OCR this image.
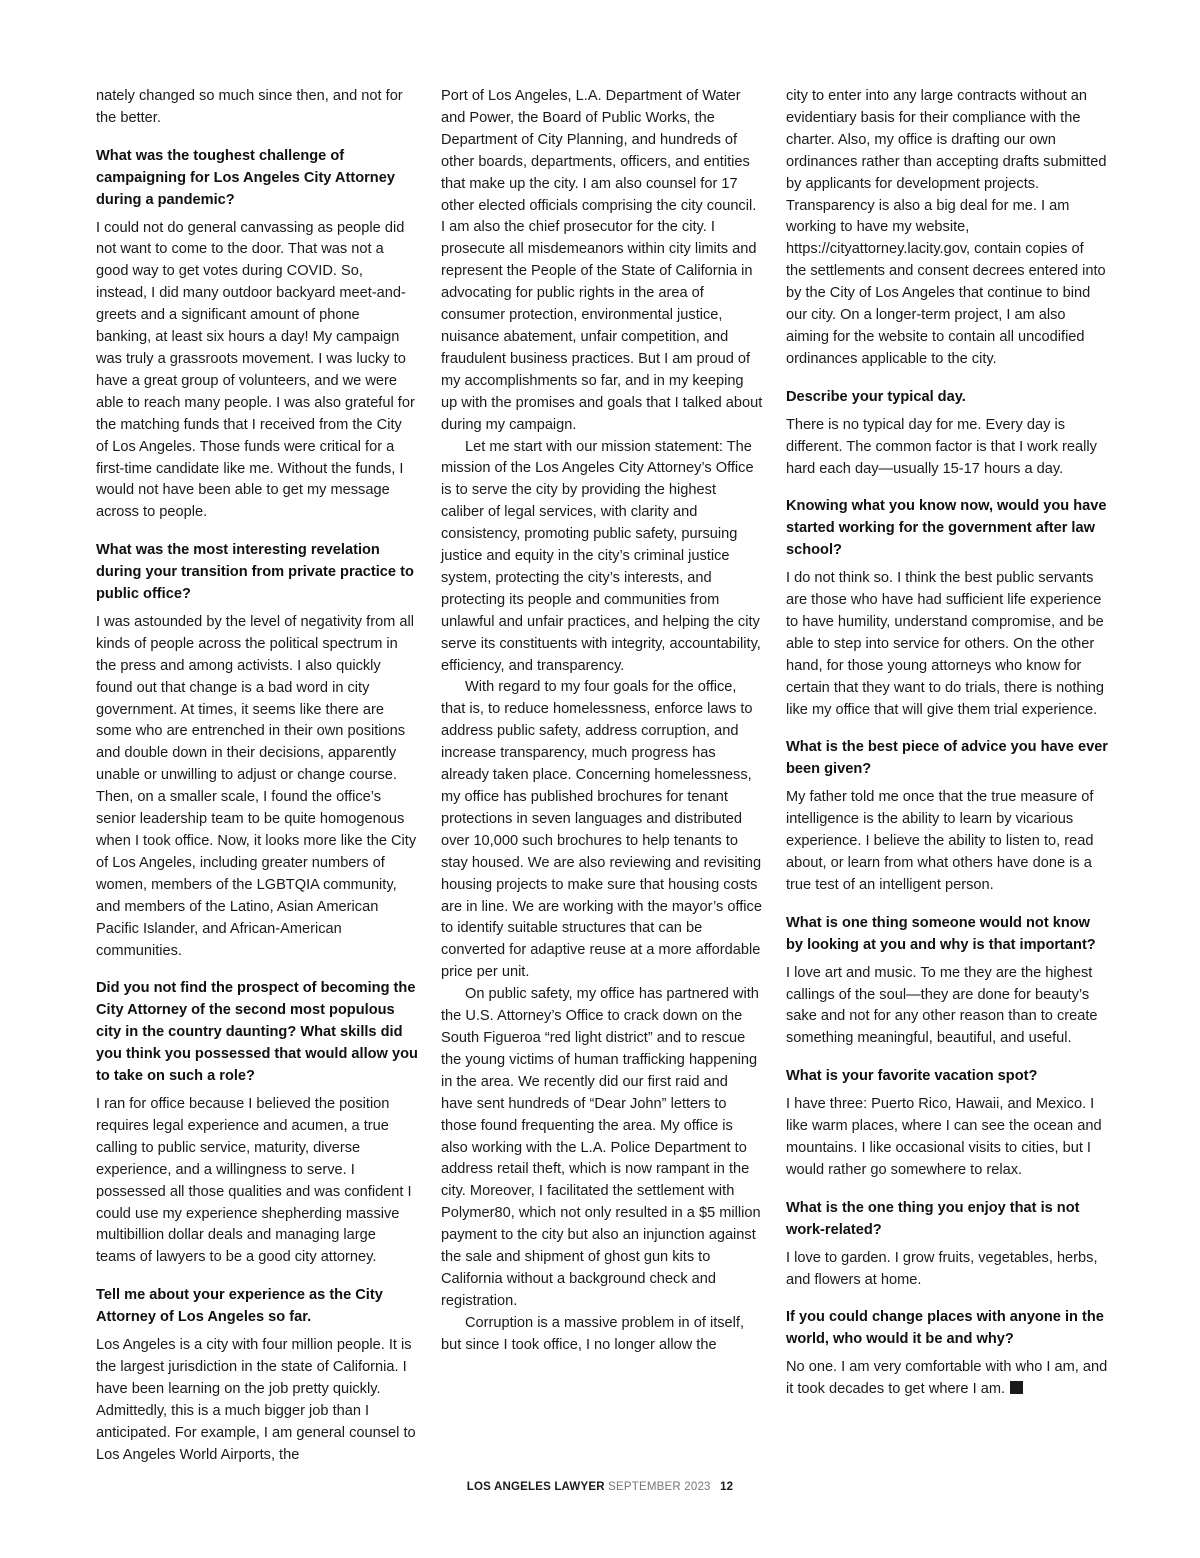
nately changed so much since then, and not for the better.

What was the toughest challenge of campaigning for Los Angeles City Attorney during a pandemic?

I could not do general canvassing as people did not want to come to the door. That was not a good way to get votes during COVID. So, instead, I did many outdoor backyard meet-and-greets and a significant amount of phone banking, at least six hours a day! My campaign was truly a grassroots movement. I was lucky to have a great group of volunteers, and we were able to reach many people. I was also grateful for the matching funds that I received from the City of Los Angeles. Those funds were critical for a first-time candidate like me. Without the funds, I would not have been able to get my message across to people.

What was the most interesting revelation during your transition from private practice to public office?

I was astounded by the level of negativity from all kinds of people across the political spectrum in the press and among activists. I also quickly found out that change is a bad word in city government. At times, it seems like there are some who are entrenched in their own positions and double down in their decisions, apparently unable or unwilling to adjust or change course. Then, on a smaller scale, I found the office’s senior leadership team to be quite homogenous when I took office. Now, it looks more like the City of Los Angeles, including greater numbers of women, members of the LGBTQIA community, and members of the Latino, Asian American Pacific Islander, and African-American communities.

Did you not find the prospect of becoming the City Attorney of the second most populous city in the country daunting? What skills did you think you possessed that would allow you to take on such a role?

I ran for office because I believed the position requires legal experience and acumen, a true calling to public service, maturity, diverse experience, and a willingness to serve. I possessed all those qualities and was confident I could use my experience shepherding massive multibillion dollar deals and managing large teams of lawyers to be a good city attorney.

Tell me about your experience as the City Attorney of Los Angeles so far.

Los Angeles is a city with four million people. It is the largest jurisdiction in the state of California. I have been learning on the job pretty quickly. Admittedly, this is a much bigger job than I anticipated. For example, I am general counsel to Los Angeles World Airports, the

Port of Los Angeles, L.A. Department of Water and Power, the Board of Public Works, the Department of City Planning, and hundreds of other boards, departments, officers, and entities that make up the city. I am also counsel for 17 other elected officials comprising the city council. I am also the chief prosecutor for the city. I prosecute all misdemeanors within city limits and represent the People of the State of California in advocating for public rights in the area of consumer protection, environmental justice, nuisance abatement, unfair competition, and fraudulent business practices. But I am proud of my accomplishments so far, and in my keeping up with the promises and goals that I talked about during my campaign.

Let me start with our mission statement: The mission of the Los Angeles City Attorney’s Office is to serve the city by providing the highest caliber of legal services, with clarity and consistency, promoting public safety, pursuing justice and equity in the city’s criminal justice system, protecting the city’s interests, and protecting its people and communities from unlawful and unfair practices, and helping the city serve its constituents with integrity, accountability, efficiency, and transparency.

With regard to my four goals for the office, that is, to reduce homelessness, enforce laws to address public safety, address corruption, and increase transparency, much progress has already taken place. Concerning homelessness, my office has published brochures for tenant protections in seven languages and distributed over 10,000 such brochures to help tenants to stay housed. We are also reviewing and revisiting housing projects to make sure that housing costs are in line. We are working with the mayor’s office to identify suitable structures that can be converted for adaptive reuse at a more affordable price per unit.

On public safety, my office has partnered with the U.S. Attorney’s Office to crack down on the South Figueroa “red light district” and to rescue the young victims of human trafficking happening in the area. We recently did our first raid and have sent hundreds of “Dear John” letters to those found frequenting the area. My office is also working with the L.A. Police Department to address retail theft, which is now rampant in the city. Moreover, I facilitated the settlement with Polymer80, which not only resulted in a $5 million payment to the city but also an injunction against the sale and shipment of ghost gun kits to California without a background check and registration.

Corruption is a massive problem in of itself, but since I took office, I no longer allow the

city to enter into any large contracts without an evidentiary basis for their compliance with the charter. Also, my office is drafting our own ordinances rather than accepting drafts submitted by applicants for development projects. Transparency is also a big deal for me. I am working to have my website, https://cityattorney.lacity.gov, contain copies of the settlements and consent decrees entered into by the City of Los Angeles that continue to bind our city. On a longer-term project, I am also aiming for the website to contain all uncodified ordinances applicable to the city.

Describe your typical day.

There is no typical day for me. Every day is different. The common factor is that I work really hard each day—usually 15-17 hours a day.

Knowing what you know now, would you have started working for the government after law school?

I do not think so. I think the best public servants are those who have had sufficient life experience to have humility, understand compromise, and be able to step into service for others. On the other hand, for those young attorneys who know for certain that they want to do trials, there is nothing like my office that will give them trial experience.

What is the best piece of advice you have ever been given?

My father told me once that the true measure of intelligence is the ability to learn by vicarious experience. I believe the ability to listen to, read about, or learn from what others have done is a true test of an intelligent person.

What is one thing someone would not know by looking at you and why is that important?

I love art and music. To me they are the highest callings of the soul—they are done for beauty’s sake and not for any other reason than to create something meaningful, beautiful, and useful.

What is your favorite vacation spot?

I have three: Puerto Rico, Hawaii, and Mexico. I like warm places, where I can see the ocean and mountains. I like occasional visits to cities, but I would rather go somewhere to relax.

What is the one thing you enjoy that is not work-related?

I love to garden. I grow fruits, vegetables, herbs, and flowers at home.

If you could change places with anyone in the world, who would it be and why?

No one. I am very comfortable with who I am, and it took decades to get where I am.

LOS ANGELES LAWYER SEPTEMBER 2023 12
